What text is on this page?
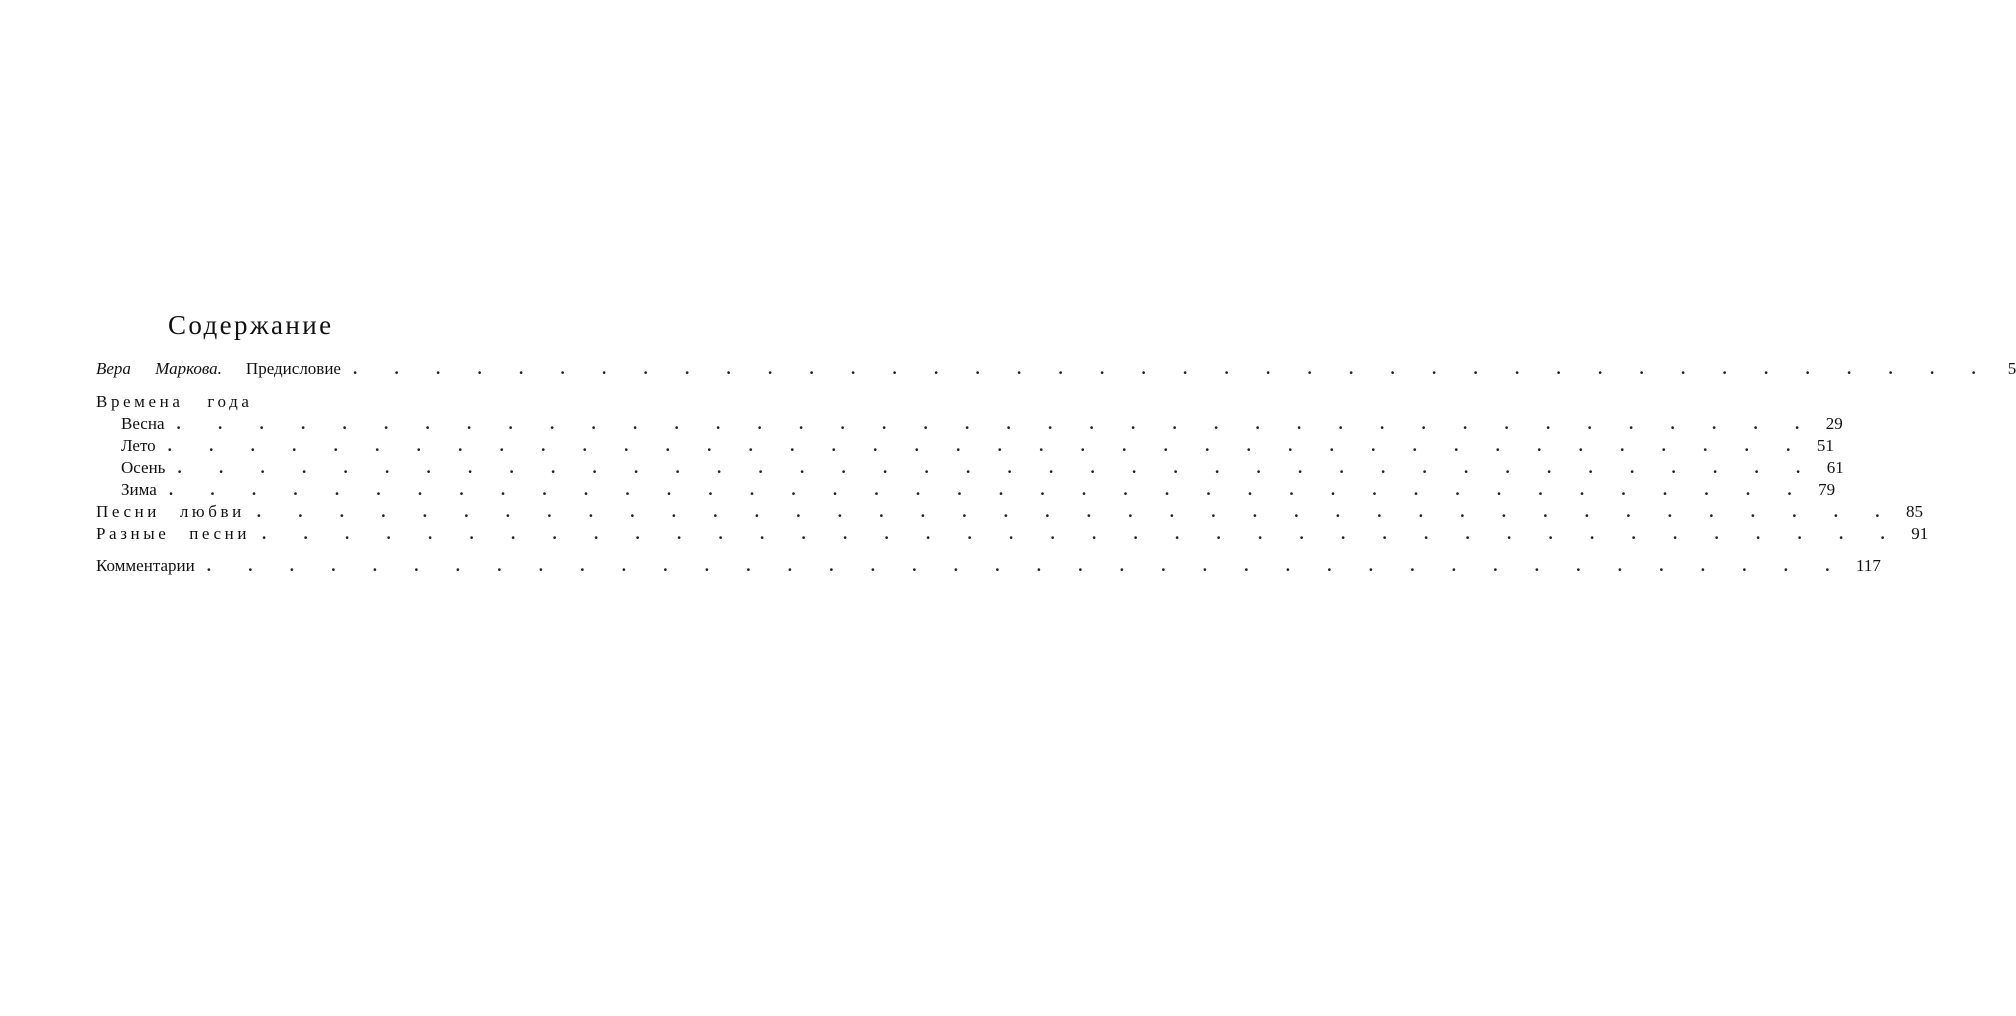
Содержание
Вера Маркова. Предисловие . . . . . . . . . . . . . . . . . . . . . . . . . . . . . . . . . . . . . . . . 5
Времена года
Весна . . . . . . . . . . . . . . . . . . . . . . . . . . . . . . . . . . . . . . . . 29
Лето . . . . . . . . . . . . . . . . . . . . . . . . . . . . . . . . . . . . . . . . 51
Осень . . . . . . . . . . . . . . . . . . . . . . . . . . . . . . . . . . . . . . . . 61
Зима . . . . . . . . . . . . . . . . . . . . . . . . . . . . . . . . . . . . . . . . 79
Песни любви . . . . . . . . . . . . . . . . . . . . . . . . . . . . . . . . . . . . . . . . 85
Разные песни . . . . . . . . . . . . . . . . . . . . . . . . . . . . . . . . . . . . . . . . 91
Комментарии . . . . . . . . . . . . . . . . . . . . . . . . . . . . . . . . . . . . . . . . 117
